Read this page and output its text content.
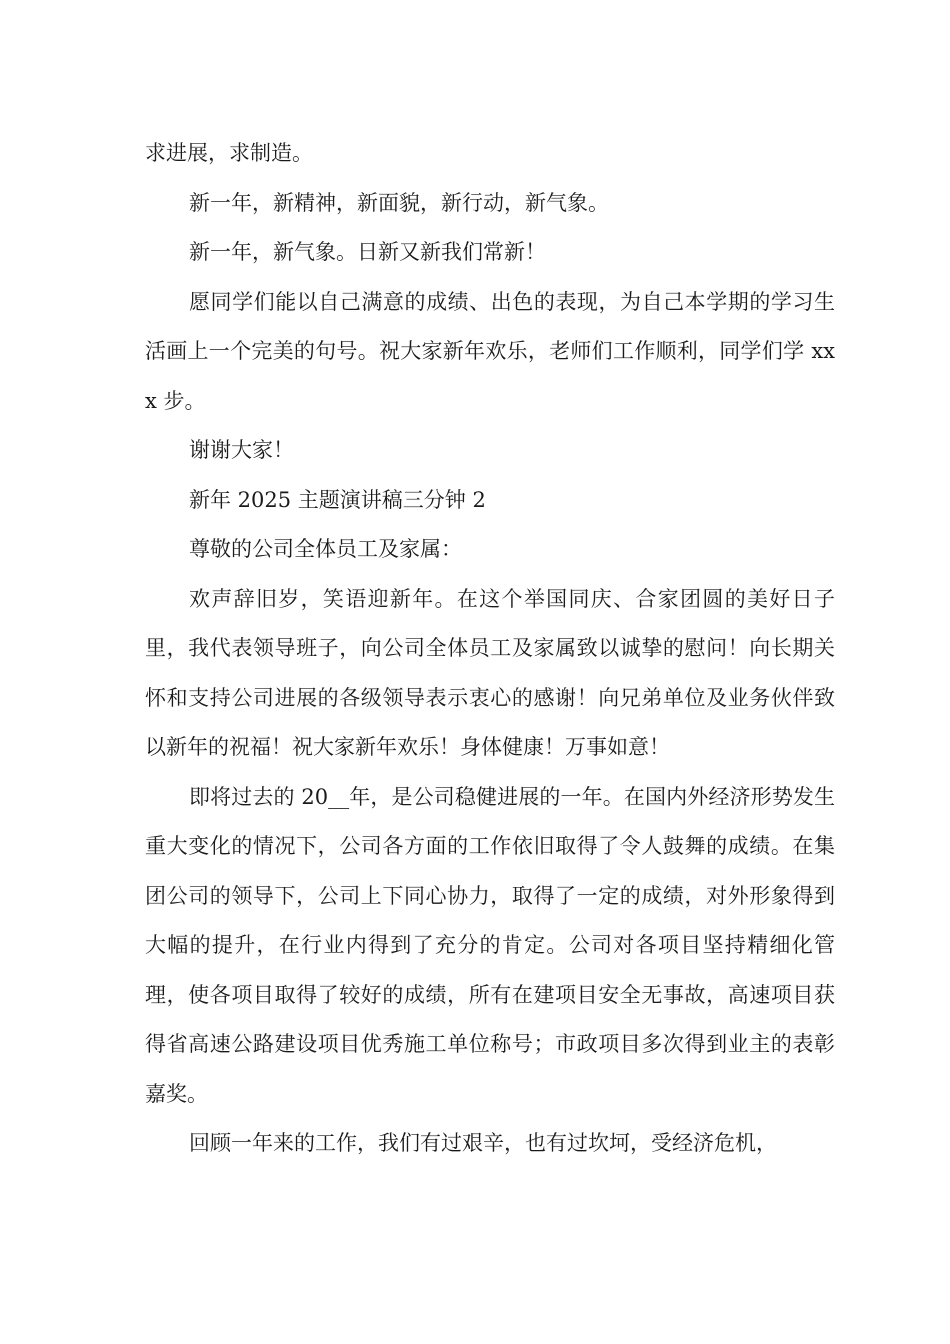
求进展，求制造。

新一年，新精神，新面貌，新行动，新气象。

新一年，新气象。日新又新我们常新！

愿同学们能以自己满意的成绩、出色的表现，为自己本学期的学习生活画上一个完美的句号。祝大家新年欢乐，老师们工作顺利，同学们学 xxx 步。

谢谢大家！

新年 2025 主题演讲稿三分钟 2

尊敬的公司全体员工及家属：

欢声辞旧岁，笑语迎新年。在这个举国同庆、合家团圆的美好日子里，我代表领导班子，向公司全体员工及家属致以诚挚的慰问！向长期关怀和支持公司进展的各级领导表示衷心的感谢！向兄弟单位及业务伙伴致以新年的祝福！祝大家新年欢乐！身体健康！万事如意！

即将过去的 20__年，是公司稳健进展的一年。在国内外经济形势发生重大变化的情况下，公司各方面的工作依旧取得了令人鼓舞的成绩。在集团公司的领导下，公司上下同心协力，取得了一定的成绩，对外形象得到大幅的提升，在行业内得到了充分的肯定。公司对各项目坚持精细化管理，使各项目取得了较好的成绩，所有在建项目安全无事故，高速项目获得省高速公路建设项目优秀施工单位称号；市政项目多次得到业主的表彰嘉奖。

回顾一年来的工作，我们有过艰辛，也有过坎坷，受经济危机，
